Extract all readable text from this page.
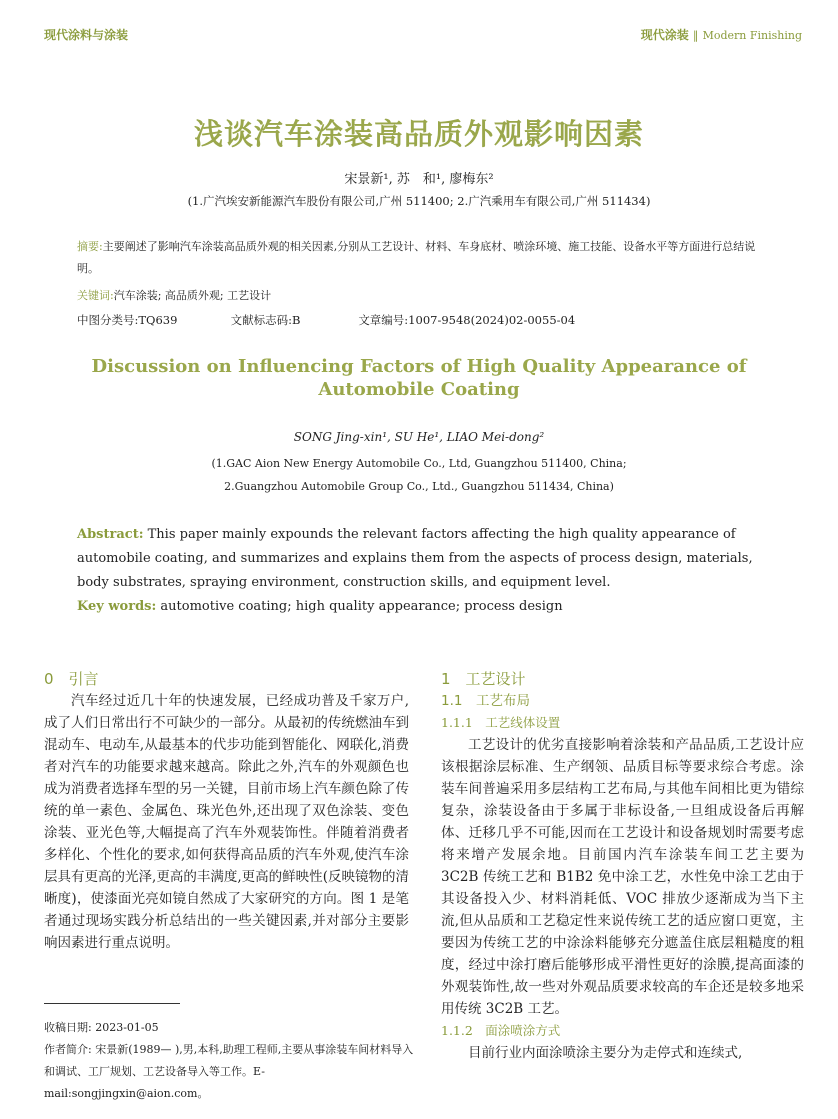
现代涂料与涂装	现代涂装 ‖ Modern Finishing
浅谈汽车涂装高品质外观影响因素
宋景新¹, 苏　和¹, 廖梅东²
(1.广汽埃安新能源汽车股份有限公司,广州 511400; 2.广汽乘用车有限公司,广州 511434)
摘要:主要阐述了影响汽车涂装高品质外观的相关因素,分别从工艺设计、材料、车身底材、喷涂环境、施工技能、设备水平等方面进行总结说明。
关键词:汽车涂装; 高品质外观; 工艺设计
中图分类号:TQ639	文献标志码:B	文章编号:1007-9548(2024)02-0055-04
Discussion on Influencing Factors of High Quality Appearance of
Automobile Coating
SONG Jing-xin¹, SU He¹, LIAO Mei-dong²
(1.GAC Aion New Energy Automobile Co., Ltd, Guangzhou 511400, China;
2.Guangzhou Automobile Group Co., Ltd., Guangzhou 511434, China)
Abstract: This paper mainly expounds the relevant factors affecting the high quality appearance of automobile coating, and summarizes and explains them from the aspects of process design, materials, body substrates, spraying environment, construction skills, and equipment level.
Key words: automotive coating; high quality appearance; process design
0　引言

汽车经过近几十年的快速发展，已经成功普及千家万户,成了人们日常出行不可缺少的一部分。从最初的传统燃油车到混动车、电动车,从最基本的代步功能到智能化、网联化,消费者对汽车的功能要求越来越高。除此之外,汽车的外观颜色也成为消费者选择车型的另一关键，目前市场上汽车颜色除了传统的单一素色、金属色、珠光色外,还出现了双色涂装、变色涂装、亚光色等,大幅提高了汽车外观装饰性。伴随着消费者多样化、个性化的要求,如何获得高品质的汽车外观,使汽车涂层具有更高的光泽,更高的丰满度,更高的鲜映性(反映镜物的清晰度)，使漆面光亮如镜自然成了大家研究的方向。图 1 是笔者通过现场实践分析总结出的一些关键因素,并对部分主要影响因素进行重点说明。

收稿日期: 2023-01-05
作者简介: 宋景新(1989— ),男,本科,助理工程师,主要从事涂装车间材料导入和调试、工厂规划、工艺设备导入等工作。E-mail:songjingxin@aion.com。
1　工艺设计
1.1　工艺布局
1.1.1　工艺线体设置

工艺设计的优劣直接影响着涂装和产品品质,工艺设计应该根据涂层标准、生产纲领、品质目标等要求综合考虑。涂装车间普遍采用多层结构工艺布局,与其他车间相比更为错综复杂，涂装设备由于多属于非标设备,一旦组成设备后再解体、迁移几乎不可能,因而在工艺设计和设备规划时需要考虑将来增产发展余地。目前国内汽车涂装车间工艺主要为 3C2B 传统工艺和 B1B2 免中涂工艺，水性免中涂工艺由于其设备投入少、材料消耗低、VOC 排放少逐渐成为当下主流,但从品质和工艺稳定性来说传统工艺的适应窗口更宽，主要因为传统工艺的中涂涂料能够充分遮盖住底层粗糙度的粗度，经过中涂打磨后能够形成平滑性更好的涂膜,提高面漆的外观装饰性,故一些对外观品质要求较高的车企还是较多地采用传统 3C2B 工艺。

1.1.2　面涂喷涂方式

目前行业内面涂喷涂主要分为走停式和连续式,
